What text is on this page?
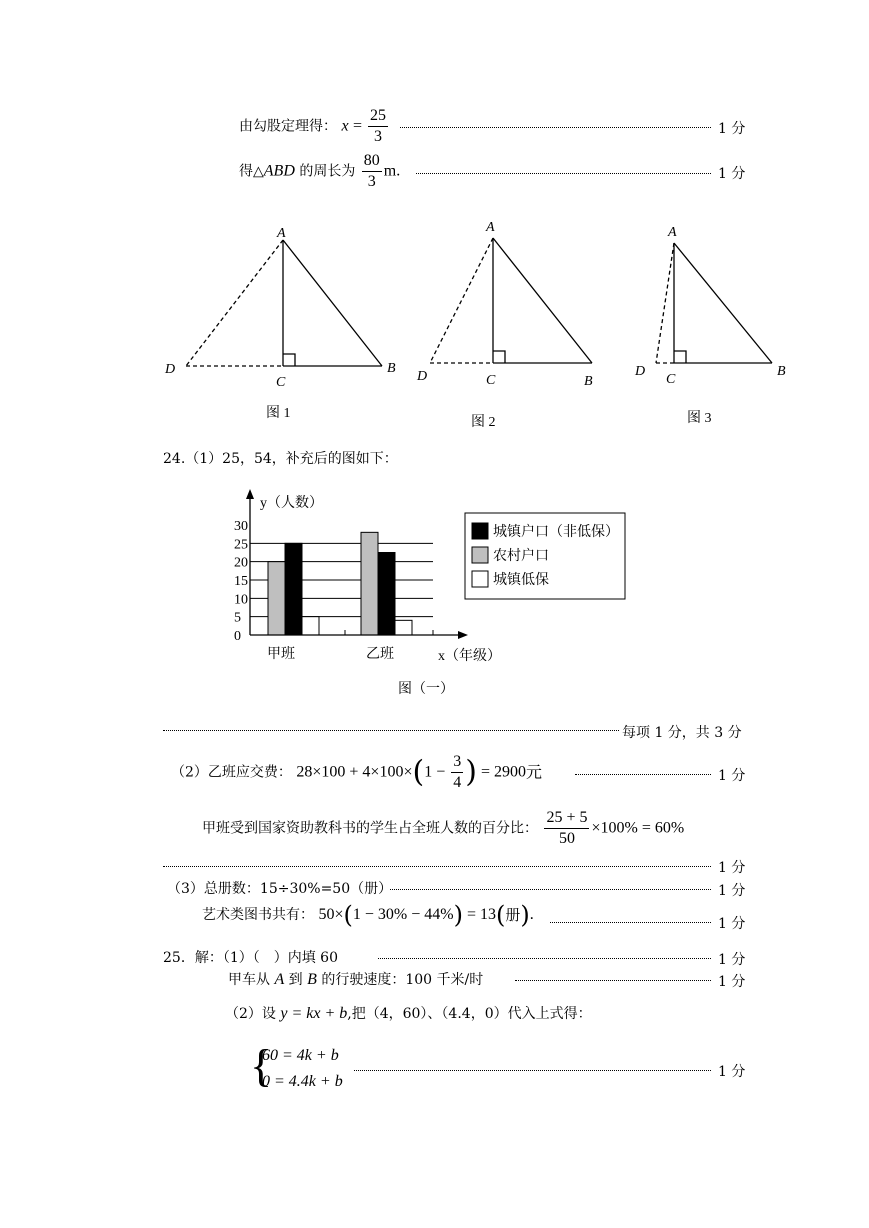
由勾股定理得： $x = \frac{25}{3}$	1 分
得△ABD 的周长为 $\frac{80}{3} m$.	1 分
A
D
C
B
图 1
A
D	C	B
图 2
A
D
C
B
图 3
24.（1）25，54，补充后的图如下：
0
5
10
15
20
25
30
y（人数）
x（年级）
甲班	乙班
城镇户口（非低保）
农村户口
城镇低保
图（一）
每项 1 分，共 3 分
（2）乙班应交费： $28\times 100 + 4\times 100\times(1 - \frac{3}{4}$ ) = 2900元	1 分
甲班受到国家资助教科书的学生占全班人数的百分比： $\frac{25 + 5}{50} \times 100\% = 60\%$
1 分
（3）总册数：15÷30%=50（册）	1 分
艺术类图书共有： 50×(1 − 30% − 44%) = 13(册).
1 分
25．解：（1）（　）内填 60	1 分
甲车从 A 到 B 的行驶速度：100 千米/时	1 分
（2）设 y = kx + b,把（4，60）、（4.4，0）代入上式得：
{
60 = 4k + b
0 = 4.4k + b
1 分
